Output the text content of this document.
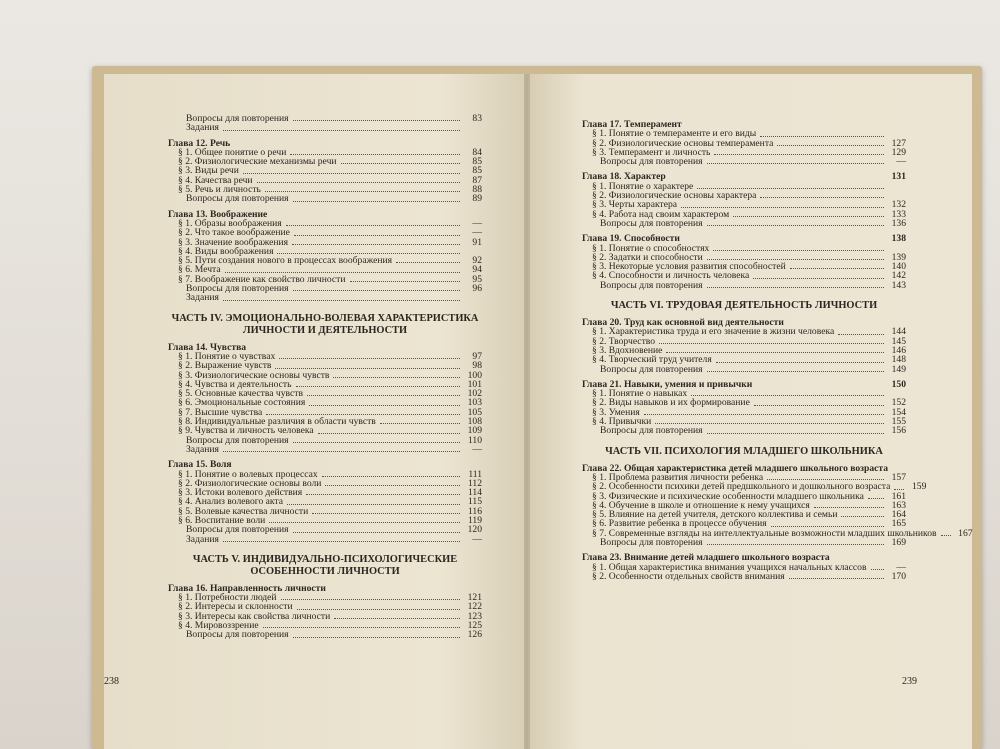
Вопросы для повторения	83
Задания
Глава 12. Речь
§ 1. Общее понятие о речи	84
§ 2. Физиологические механизмы речи	85
§ 3. Виды речи	85
§ 4. Качества речи	87
§ 5. Речь и личность	88
Вопросы для повторения	89
Глава 13. Воображение
§ 1. Образы воображения	—
§ 2. Что такое воображение	—
§ 3. Значение воображения	91
§ 4. Виды воображения
§ 5. Пути создания нового в процессах воображения	92
§ 6. Мечта	94
§ 7. Воображение как свойство личности	95
Вопросы для повторения	96
Задания
ЧАСТЬ IV. ЭМОЦИОНАЛЬНО-ВОЛЕВАЯ ХАРАКТЕРИСТИКА ЛИЧНОСТИ И ДЕЯТЕЛЬНОСТИ
Глава 14. Чувства
§ 1. Понятие о чувствах	97
§ 2. Выражение чувств	98
§ 3. Физиологические основы чувств	100
§ 4. Чувства и деятельность	101
§ 5. Основные качества чувств	102
§ 6. Эмоциональные состояния	103
§ 7. Высшие чувства	105
§ 8. Индивидуальные различия в области чувств	108
§ 9. Чувства и личность человека	109
Вопросы для повторения	110
Задания	—
Глава 15. Воля
§ 1. Понятие о волевых процессах	111
§ 2. Физиологические основы воли	112
§ 3. Истоки волевого действия	114
§ 4. Анализ волевого акта	115
§ 5. Волевые качества личности	116
§ 6. Воспитание воли	119
Вопросы для повторения	120
Задания	—
ЧАСТЬ V. ИНДИВИДУАЛЬНО-ПСИХОЛОГИЧЕСКИЕ ОСОБЕННОСТИ ЛИЧНОСТИ
Глава 16. Направленность личности
§ 1. Потребности людей	121
§ 2. Интересы и склонности	122
§ 3. Интересы как свойства личности	123
§ 4. Мировоззрение	125
Вопросы для повторения	126
238
Глава 17. Темперамент
§ 1. Понятие о темпераменте и его виды
§ 2. Физиологические основы темперамента	127
§ 3. Темперамент и личность	129
Вопросы для повторения	—
Глава 18. Характер	131
§ 1. Понятие о характере
§ 2. Физиологические основы характера
§ 3. Черты характера	132
§ 4. Работа над своим характером	133
Вопросы для повторения	136
Глава 19. Способности	138
§ 1. Понятие о способностях
§ 2. Задатки и способности	139
§ 3. Некоторые условия развития способностей	140
§ 4. Способности и личность человека	142
Вопросы для повторения	143
ЧАСТЬ VI. ТРУДОВАЯ ДЕЯТЕЛЬНОСТЬ ЛИЧНОСТИ
Глава 20. Труд как основной вид деятельности
§ 1. Характеристика труда и его значение в жизни человека	144
§ 2. Творчество	145
§ 3. Вдохновение	146
§ 4. Творческий труд учителя	148
Вопросы для повторения	149
Глава 21. Навыки, умения и привычки	150
§ 1. Понятие о навыках
§ 2. Виды навыков и их формирование	152
§ 3. Умения	154
§ 4. Привычки	155
Вопросы для повторения	156
ЧАСТЬ VII. ПСИХОЛОГИЯ МЛАДШЕГО ШКОЛЬНИКА
Глава 22. Общая характеристика детей младшего школьного возраста
§ 1. Проблема развития личности ребенка	157
§ 2. Особенности психики детей предшкольного и дошкольного возраста	159
§ 3. Физические и психические особенности младшего школьника	161
§ 4. Обучение в школе и отношение к нему учащихся	163
§ 5. Влияние на детей учителя, детского коллектива и семьи	164
§ 6. Развитие ребенка в процессе обучения	165
§ 7. Современные взгляды на интеллектуальные возможности младших школьников	167
Вопросы для повторения	169
Глава 23. Внимание детей младшего школьного возраста
§ 1. Общая характеристика внимания учащихся начальных классов	—
§ 2. Особенности отдельных свойств внимания	170
239
